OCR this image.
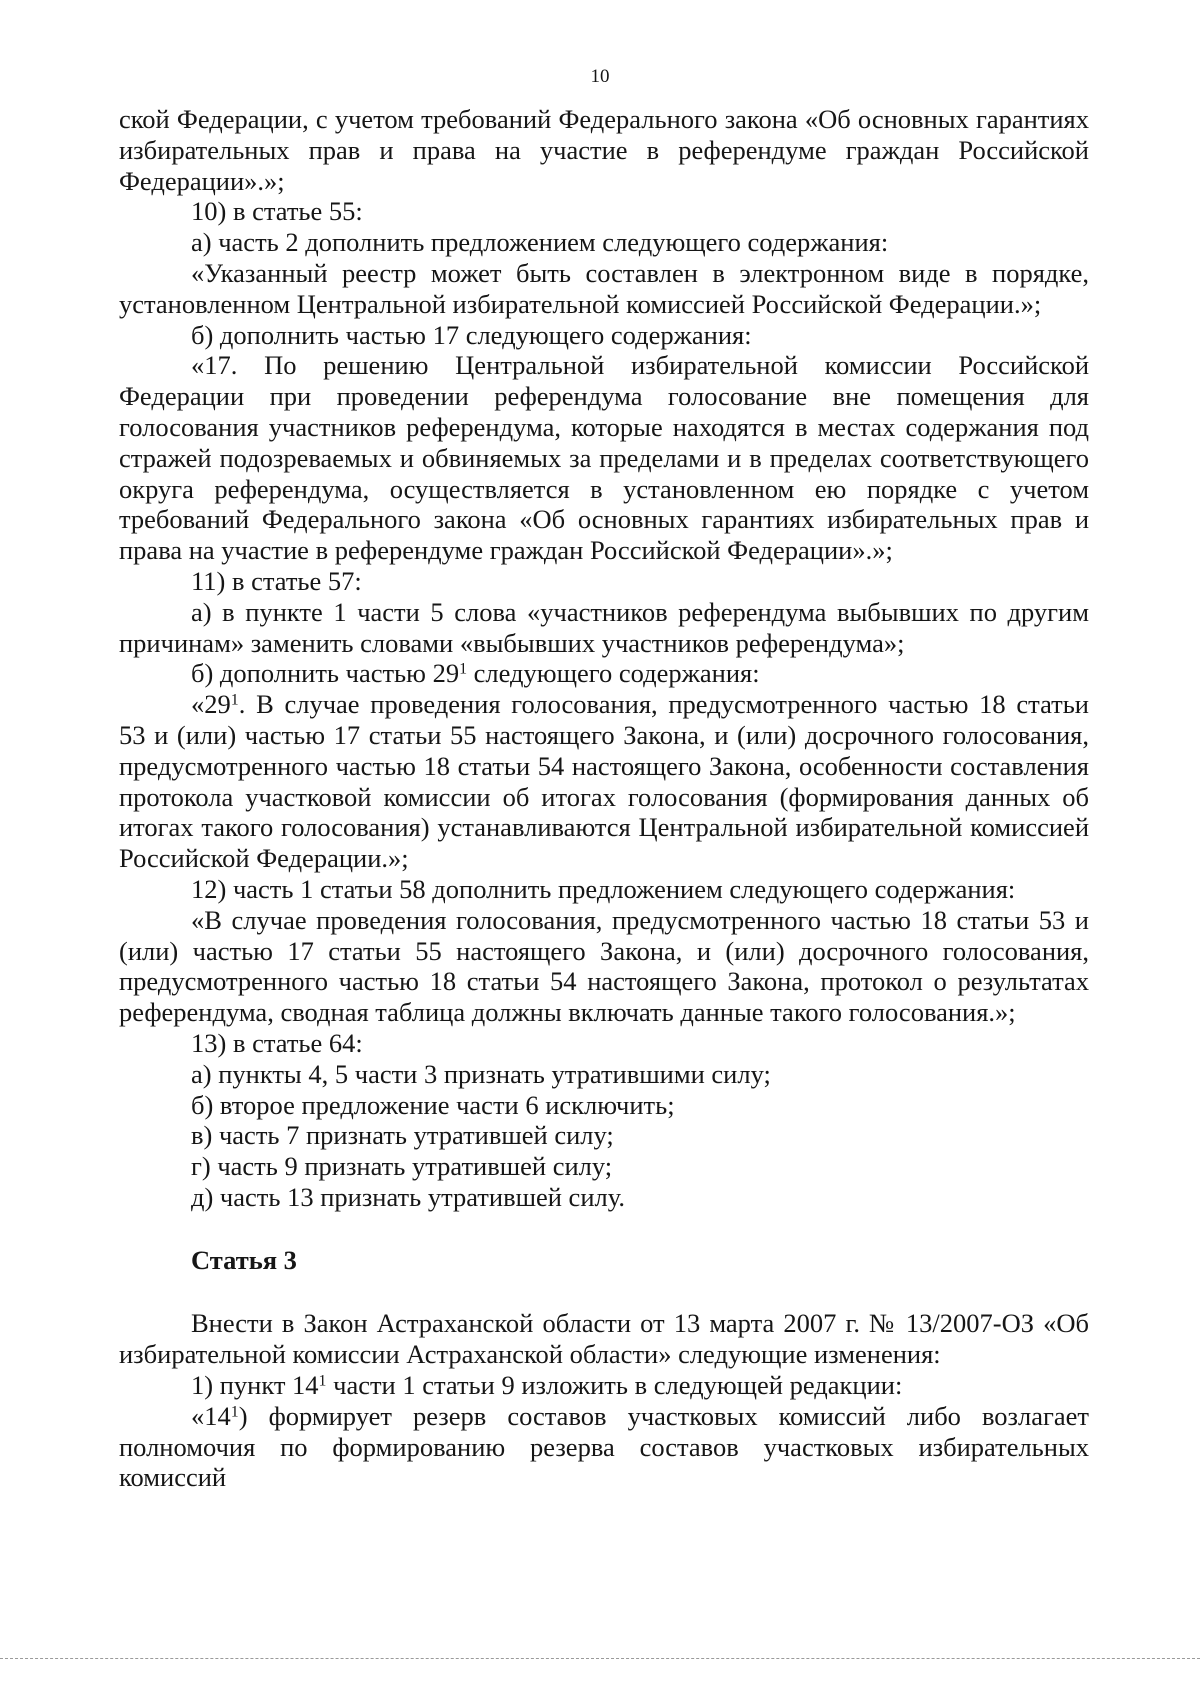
10

ской Федерации, с учетом требований Федерального закона «Об основных гарантиях избирательных прав и права на участие в референдуме граждан Российской Федерации».»;

10) в статье 55:

а) часть 2 дополнить предложением следующего содержания:

«Указанный реестр может быть составлен в электронном виде в порядке, установленном Центральной избирательной комиссией Российской Федерации.»;

б) дополнить частью 17 следующего содержания:

«17. По решению Центральной избирательной комиссии Российской Федерации при проведении референдума голосование вне помещения для голосования участников референдума, которые находятся в местах содержания под стражей подозреваемых и обвиняемых за пределами и в пределах соответствующего округа референдума, осуществляется в установленном ею порядке с учетом требований Федерального закона «Об основных гарантиях избирательных прав и права на участие в референдуме граждан Российской Федерации».»;

11) в статье 57:

а) в пункте 1 части 5 слова «участников референдума выбывших по другим причинам» заменить словами «выбывших участников референдума»;

б) дополнить частью $29^1$ следующего содержания:

«$29^1$. В случае проведения голосования, предусмотренного частью 18 статьи 53 и (или) частью 17 статьи 55 настоящего Закона, и (или) досрочного голосования, предусмотренного частью 18 статьи 54 настоящего Закона, особенности составления протокола участковой комиссии об итогах голосования (формирования данных об итогах такого голосования) устанавливаются Центральной избирательной комиссией Российской Федерации.»;

12) часть 1 статьи 58 дополнить предложением следующего содержания:

«В случае проведения голосования, предусмотренного частью 18 статьи 53 и (или) частью 17 статьи 55 настоящего Закона, и (или) досрочного голосования, предусмотренного частью 18 статьи 54 настоящего Закона, протокол о результатах референдума, сводная таблица должны включать данные такого голосования.»;

13) в статье 64:

а) пункты 4, 5 части 3 признать утратившими силу;

б) второе предложение части 6 исключить;

в) часть 7 признать утратившей силу;

г) часть 9 признать утратившей силу;

д) часть 13 признать утратившей силу.

Статья 3

Внести в Закон Астраханской области от 13 марта 2007 г. № 13/2007-ОЗ «Об избирательной комиссии Астраханской области» следующие изменения:

1) пункт $14^1$ части 1 статьи 9 изложить в следующей редакции:

«$14^1$) формирует резерв составов участковых комиссий либо возлагает полномочия по формированию резерва составов участковых избирательных комиссий
